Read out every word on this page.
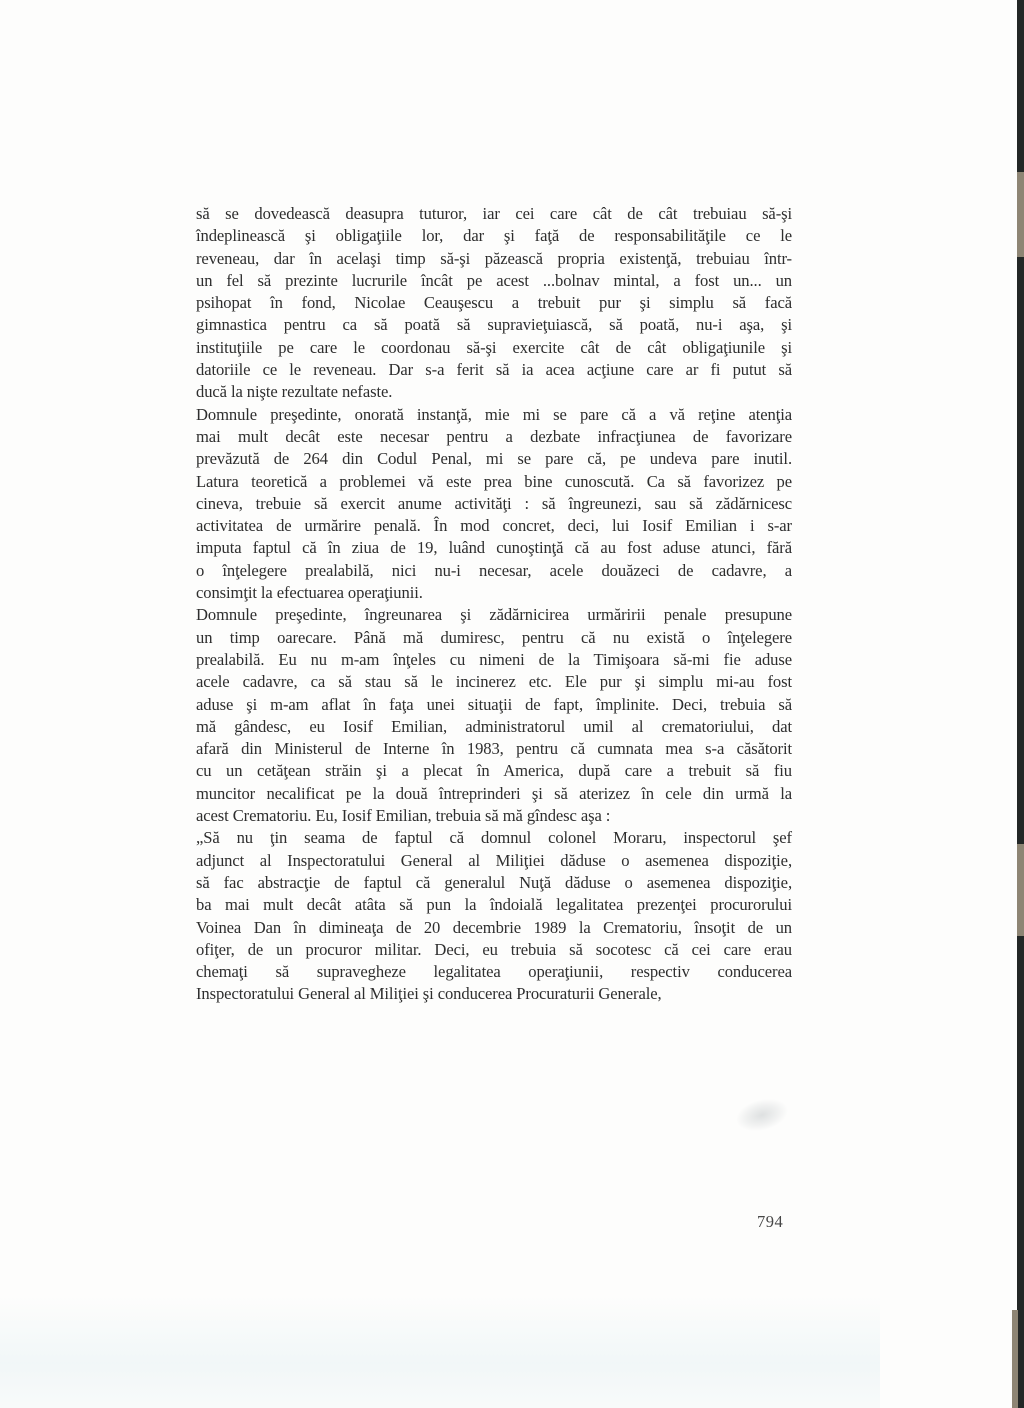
să se dovedească deasupra tuturor, iar cei care cât de cât trebuiau să-şi
îndeplinească şi obligaţiile lor, dar şi faţă de responsabilităţile ce le
reveneau, dar în acelaşi timp să-şi păzească propria existenţă, trebuiau într-
un fel să prezinte lucrurile încât pe acest ...bolnav mintal, a fost un... un
psihopat în fond, Nicolae Ceauşescu a trebuit pur şi simplu să facă
gimnastica pentru ca să poată să supravieţuiască, să poată, nu-i aşa, şi
instituţiile pe care le coordonau să-şi exercite cât de cât obligaţiunile şi
datoriile ce le reveneau. Dar s-a ferit să ia acea acţiune care ar fi putut să
ducă la nişte rezultate nefaste.
Domnule preşedinte, onorată instanţă, mie mi se pare că a vă reţine atenţia
mai mult decât este necesar pentru a dezbate infracţiunea de favorizare
prevăzută de 264 din Codul Penal, mi se pare că, pe undeva pare inutil.
Latura teoretică a problemei vă este prea bine cunoscută. Ca să favorizez pe
cineva, trebuie să exercit anume activităţi : să îngreunezi, sau să zădărnicesc
activitatea de urmărire penală. În mod concret, deci, lui Iosif Emilian i s-ar
imputa faptul că în ziua de 19, luând cunoştinţă că au fost aduse atunci, fără
o înţelegere prealabilă, nici nu-i necesar, acele douăzeci de cadavre, a
consimţit la efectuarea operaţiunii.
Domnule preşedinte, îngreunarea şi zădărnicirea urmăririi penale presupune
un timp oarecare. Până mă dumiresc, pentru că nu există o înţelegere
prealabilă. Eu nu m-am înţeles cu nimeni de la Timişoara să-mi fie aduse
acele cadavre, ca să stau să le incinerez etc. Ele pur şi simplu mi-au fost
aduse şi m-am aflat în faţa unei situaţii de fapt, împlinite. Deci, trebuia să
mă gândesc, eu Iosif Emilian, administratorul umil al crematoriului, dat
afară din Ministerul de Interne în 1983, pentru că cumnata mea s-a căsătorit
cu un cetăţean străin şi a plecat în America, după care a trebuit să fiu
muncitor necalificat pe la două întreprinderi şi să aterizez în cele din urmă la
acest Crematoriu. Eu, Iosif Emilian, trebuia să mă gîndesc aşa :
„Să nu ţin seama de faptul că domnul colonel Moraru, inspectorul şef
adjunct al Inspectoratului General al Miliţiei dăduse o asemenea dispoziţie,
să fac abstracţie de faptul că generalul Nuţă dăduse o asemenea dispoziţie,
ba mai mult decât atâta să pun la îndoială legalitatea prezenţei procurorului
Voinea Dan în dimineaţa de 20 decembrie 1989 la Crematoriu, însoţit de un
ofiţer, de un procuror militar. Deci, eu trebuia să socotesc că cei care erau
chemaţi să supravegheze legalitatea operaţiunii, respectiv conducerea
Inspectoratului General al Miliţiei şi conducerea Procuraturii Generale,
794
